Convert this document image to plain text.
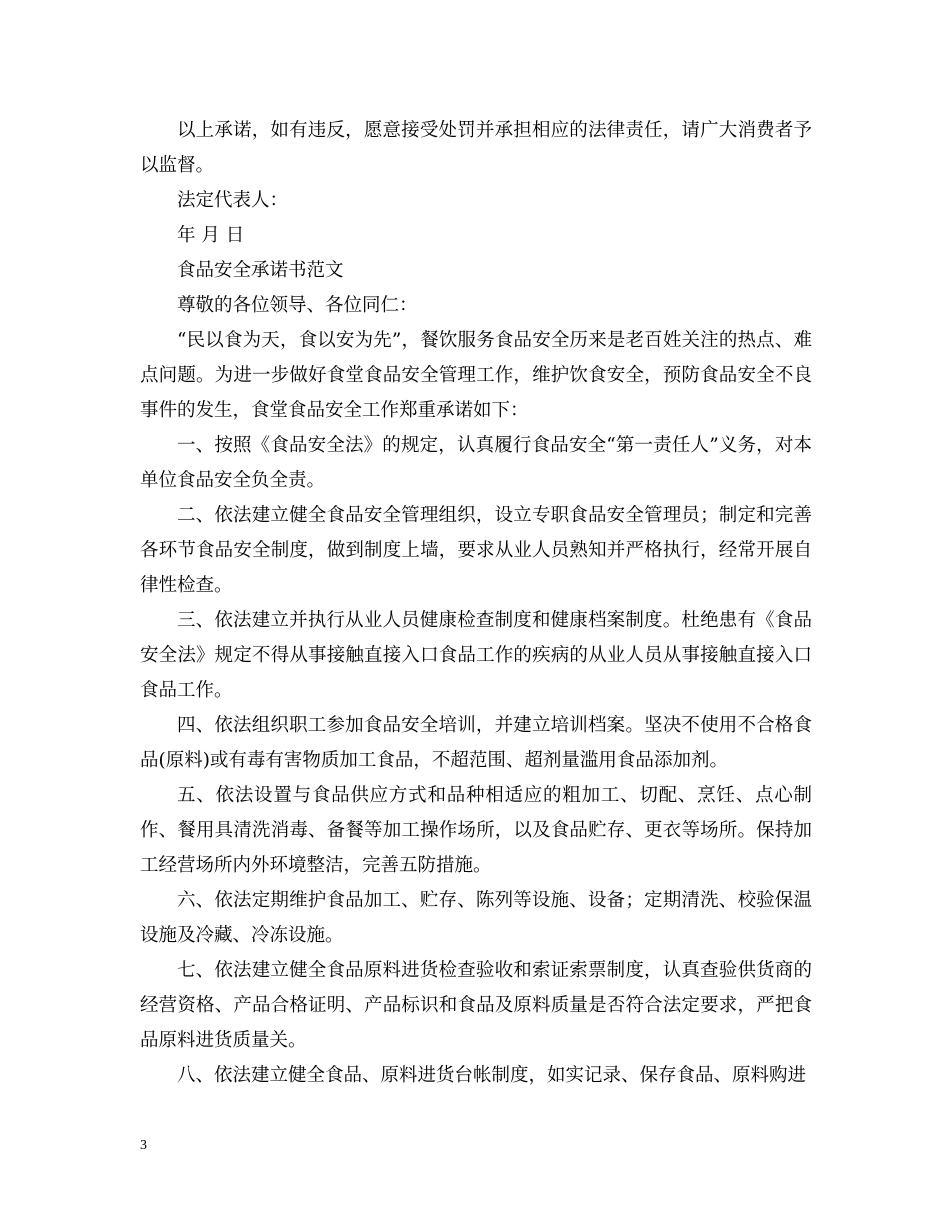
以上承诺，如有违反，愿意接受处罚并承担相应的法律责任，请广大消费者予以监督。

法定代表人：

年 月 日

食品安全承诺书范文

尊敬的各位领导、各位同仁：

“民以食为天，食以安为先”，餐饮服务食品安全历来是老百姓关注的热点、难点问题。为进一步做好食堂食品安全管理工作，维护饮食安全，预防食品安全不良事件的发生，食堂食品安全工作郑重承诺如下：

一、按照《食品安全法》的规定，认真履行食品安全“第一责任人”义务，对本单位食品安全负全责。

二、依法建立健全食品安全管理组织，设立专职食品安全管理员；制定和完善各环节食品安全制度，做到制度上墙，要求从业人员熟知并严格执行，经常开展自律性检查。

三、依法建立并执行从业人员健康检查制度和健康档案制度。杜绝患有《食品安全法》规定不得从事接触直接入口食品工作的疾病的从业人员从事接触直接入口食品工作。

四、依法组织职工参加食品安全培训，并建立培训档案。坚决不使用不合格食品(原料)或有毒有害物质加工食品，不超范围、超剂量滥用食品添加剂。

五、依法设置与食品供应方式和品种相适应的粗加工、切配、烹饪、点心制作、餐用具清洗消毒、备餐等加工操作场所，以及食品贮存、更衣等场所。保持加工经营场所内外环境整洁，完善五防措施。

六、依法定期维护食品加工、贮存、陈列等设施、设备；定期清洗、校验保温设施及冷藏、冷冻设施。

七、依法建立健全食品原料进货检查验收和索证索票制度，认真查验供货商的经营资格、产品合格证明、产品标识和食品及原料质量是否符合法定要求，严把食品原料进货质量关。

八、依法建立健全食品、原料进货台帐制度，如实记录、保存食品、原料购进

3
